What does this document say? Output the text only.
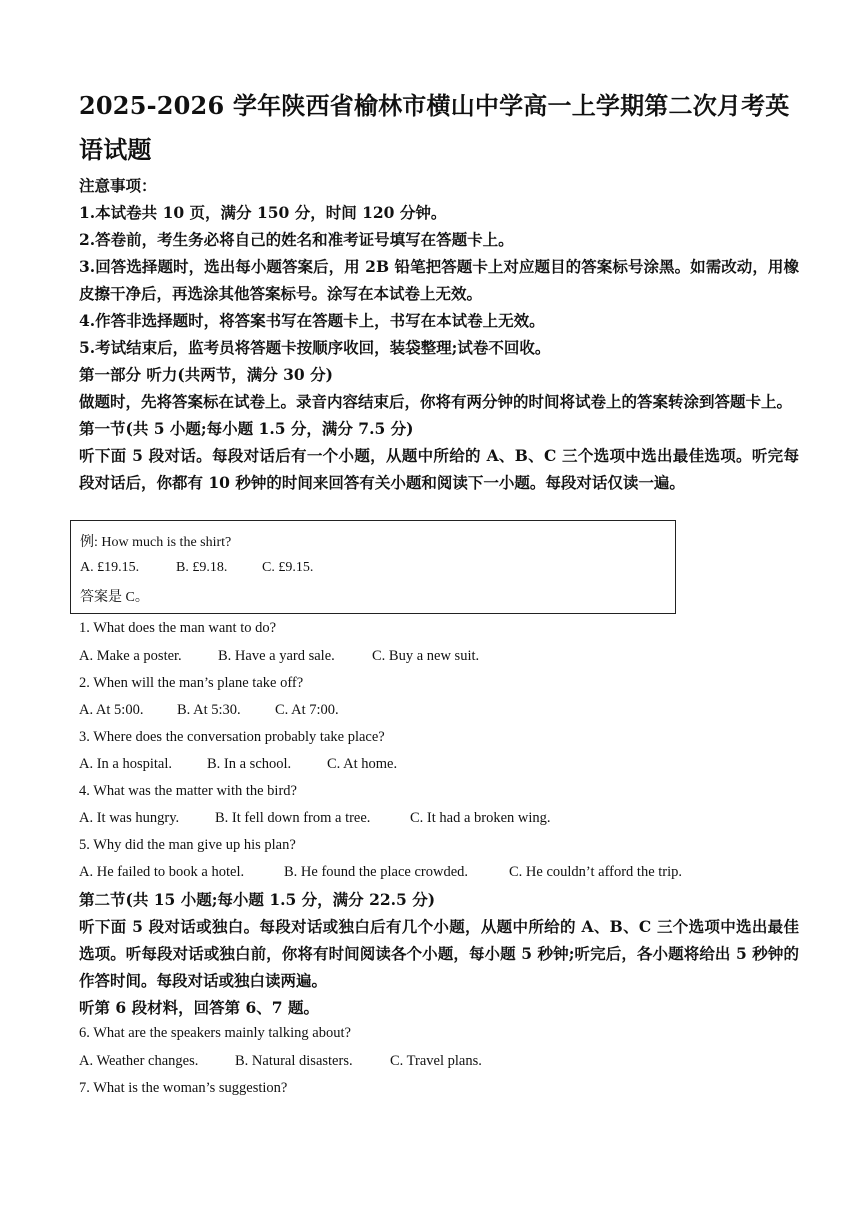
2025-2026 学年陕西省榆林市横山中学高一上学期第二次月考英语试题

注意事项：

1.本试卷共 10 页，满分 150 分，时间 120 分钟。

2.答卷前，考生务必将自己的姓名和准考证号填写在答题卡上。

3.回答选择题时，选出每小题答案后，用 2B 铅笔把答题卡上对应题目的答案标号涂黑。如需改动，用橡皮擦干净后，再选涂其他答案标号。涂写在本试卷上无效。

4.作答非选择题时，将答案书写在答题卡上，书写在本试卷上无效。

5.考试结束后，监考员将答题卡按顺序收回，装袋整理;试卷不回收。

第一部分 听力(共两节，满分 30 分)

做题时，先将答案标在试卷上。录音内容结束后，你将有两分钟的时间将试卷上的答案转涂到答题卡上。

第一节(共 5 小题;每小题 1.5 分，满分 7.5 分)

听下面 5 段对话。每段对话后有一个小题，从题中所给的 A、B、C 三个选项中选出最佳选项。听完每段对话后，你都有 10 秒钟的时间来回答有关小题和阅读下一小题。每段对话仅读一遍。

例: How much is the shirt?
A. £19.15.	B. £9.18. C. £9.15.
答案是 C。
1. What does the man want to do?
A. Make a poster.	B. Have a yard sale.	C. Buy a new suit.
2. When will the man’s plane take off?
A. At 5:00. B. At 5:30. C. At 7:00.
3. Where does the conversation probably take place?
A. In a hospital. B. In a school. C. At home.
4. What was the matter with the bird?
A. It was hungry. B. It fell down from a tree.	C. It had a broken wing.
5. Why did the man give up his plan?
A. He failed to book a hotel.	B. He found the place crowded.	C. He couldn’t afford the trip.

第二节(共 15 小题;每小题 1.5 分，满分 22.5 分)

听下面 5 段对话或独白。每段对话或独白后有几个小题，从题中所给的 A、B、C 三个选项中选出最佳选项。听每段对话或独白前，你将有时间阅读各个小题，每小题 5 秒钟;听完后，各小题将给出 5 秒钟的作答时间。每段对话或独白读两遍。

听第 6 段材料，回答第 6、7 题。

6. What are the speakers mainly talking about?
A. Weather changes.	B. Natural disasters.	C. Travel plans.
7. What is the woman’s suggestion?
